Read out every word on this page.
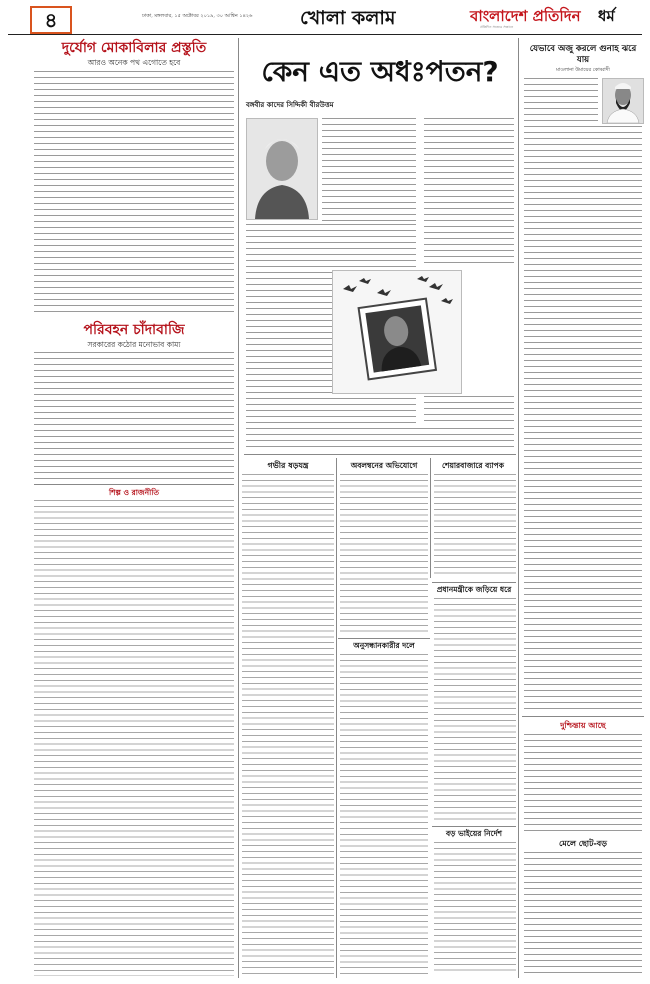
৪	ঢাকা, মঙ্গলবার, ১৫ অক্টোবর ২০১৯, ৩০ আশ্বিন ১৪২৬	খোলা কলাম	বাংলাদেশ প্রতিদিন
প্রতিদিন সত্যের সন্ধানে
ধর্ম
দুর্যোগ মোকাবিলার প্রস্তুতি
আরও অনেক পথ এগোতে হবে
পরিবহন চাঁদাবাজি
সরকারের কঠোর মনোভাব কাম্য
শিল্প ও রাজনীতি
কেন এত অধঃপতন?
বঙ্গবীর কাদের সিদ্দিকী বীরউত্তম
যেভাবে অজু করলে গুনাহ ঝরে যায়
মাওলানা উমায়ের কোব্বাদী
দুশ্চিন্তায় আছে
মেলে ছোট-বড়
গভীর ষড়যন্ত্র	অবলম্বনের অভিযোগে	শেয়ারবাজারে ব্যাপক
প্রধানমন্ত্রীকে জড়িয়ে ধরে
অনুসন্ধানকারীর দলে
বড় ভাইয়ের নির্দেশ
